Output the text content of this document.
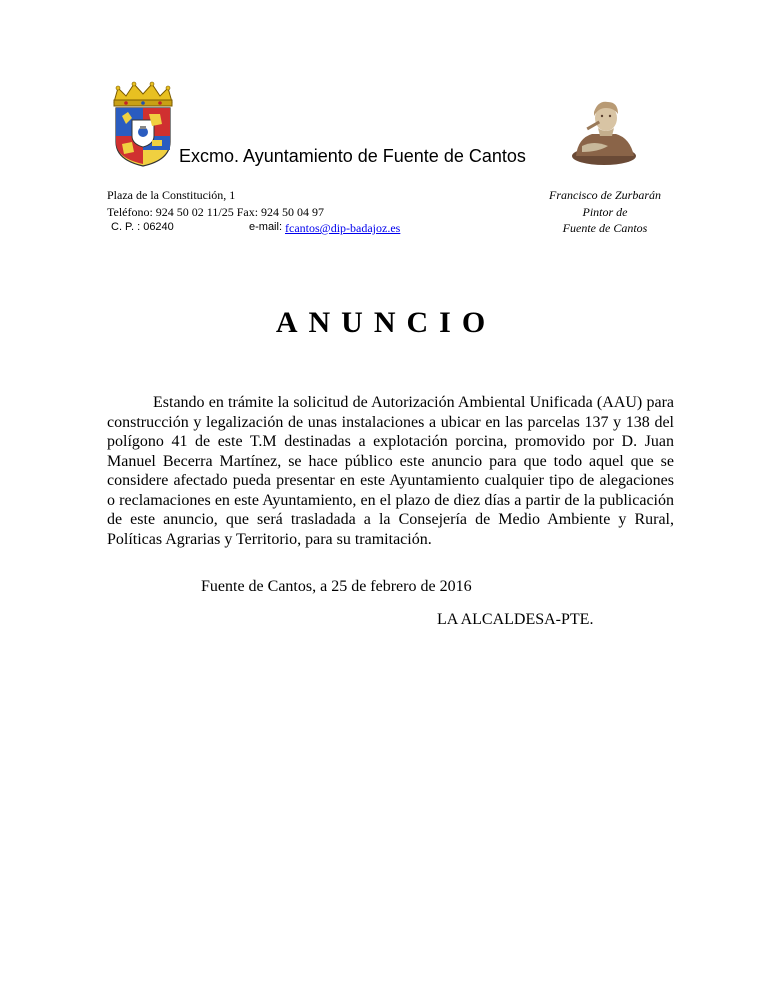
Excmo. Ayuntamiento de Fuente de Cantos
Plaza de la Constitución, 1
Teléfono: 924 50 02 11/25 Fax: 924 50 04 97
C. P. : 06240	e-mail: fcantos@dip-badajoz.es
Francisco de Zurbarán
Pintor de
Fuente de Cantos
ANUNCIO
Estando en trámite la solicitud de Autorización Ambiental Unificada (AAU) para construcción y legalización de unas instalaciones a ubicar en las parcelas 137 y 138 del polígono 41 de este T.M destinadas a explotación porcina, promovido por D. Juan Manuel Becerra Martínez, se hace público este anuncio para que todo aquel que se considere afectado pueda presentar en este Ayuntamiento cualquier tipo de alegaciones o reclamaciones en este Ayuntamiento, en el plazo de diez días a partir de la publicación de este anuncio, que será trasladada a la Consejería de Medio Ambiente y Rural, Políticas Agrarias y Territorio, para su tramitación.
Fuente de Cantos, a 25 de febrero de 2016
LA ALCALDESA-PTE.
